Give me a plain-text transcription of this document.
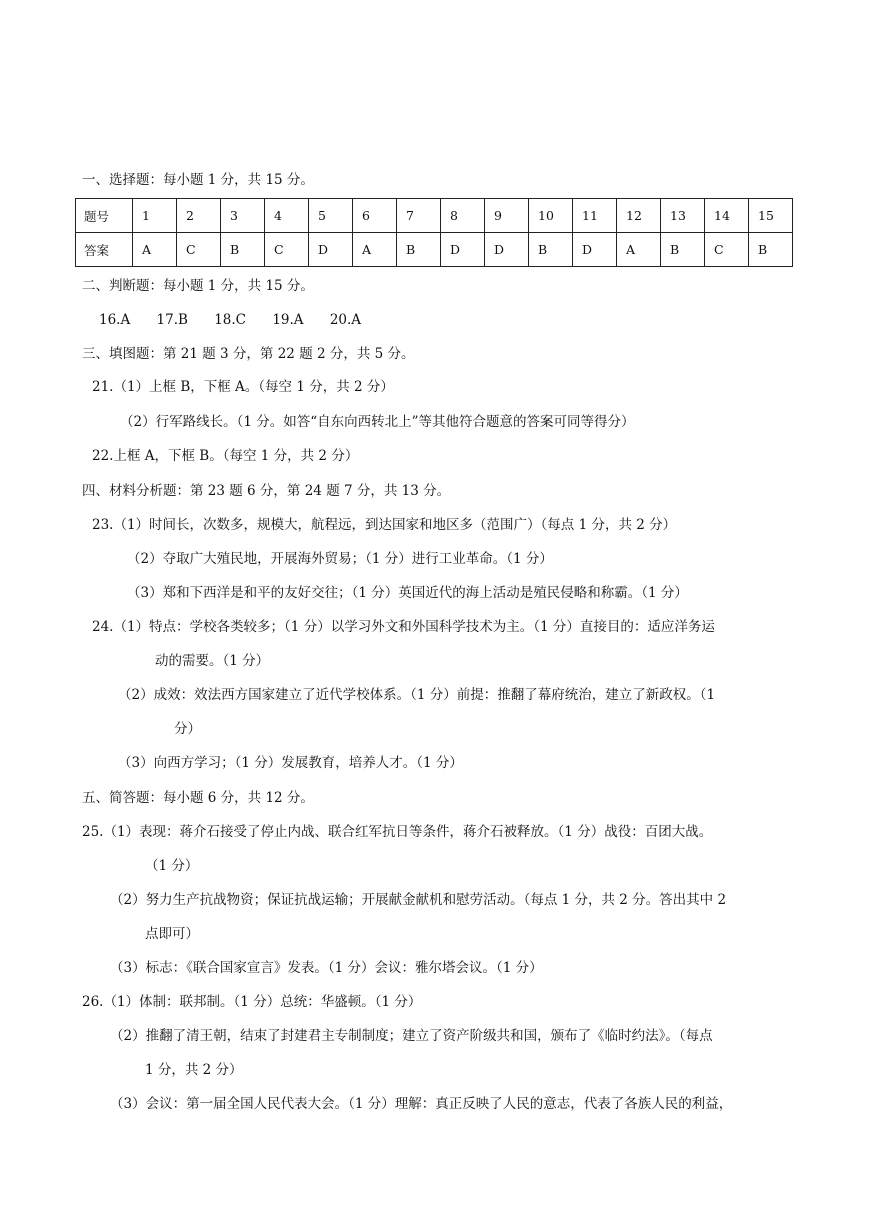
一、选择题：每小题 1 分，共 15 分。
题号	1	2	3	4	5	6	7	8	9	10	11	12	13	14	15
答案	A	C	B	C	D	A	B	D	D	B	D	A	B	C	B
二、判断题：每小题 1 分，共 15 分。
16.A 17.B 18.C 19.A 20.A
三、填图题：第 21 题 3 分，第 22 题 2 分，共 5 分。
21.（1）上框 B，下框 A。（每空 1 分，共 2 分）
（2）行军路线长。（1 分。如答“自东向西转北上”等其他符合题意的答案可同等得分）
22.上框 A，下框 B。（每空 1 分，共 2 分）
四、材料分析题：第 23 题 6 分，第 24 题 7 分，共 13 分。
23.（1）时间长，次数多，规模大，航程远，到达国家和地区多（范围广）（每点 1 分，共 2 分）
（2）夺取广大殖民地，开展海外贸易；（1 分）进行工业革命。（1 分）
（3）郑和下西洋是和平的友好交往；（1 分）英国近代的海上活动是殖民侵略和称霸。（1 分）
24.（1）特点：学校各类较多；（1 分）以学习外文和外国科学技术为主。（1 分）直接目的：适应洋务运
动的需要。（1 分）
（2）成效：效法西方国家建立了近代学校体系。（1 分）前提：推翻了幕府统治，建立了新政权。（1
分）
（3）向西方学习；（1 分）发展教育，培养人才。（1 分）
五、简答题：每小题 6 分，共 12 分。
25.（1）表现：蒋介石接受了停止内战、联合红军抗日等条件，蒋介石被释放。（1 分）战役：百团大战。
（1 分）
（2）努力生产抗战物资；保证抗战运输；开展献金献机和慰劳活动。（每点 1 分，共 2 分。答出其中 2
点即可）
（3）标志：《联合国家宣言》发表。（1 分）会议：雅尔塔会议。（1 分）
26.（1）体制：联邦制。（1 分）总统：华盛顿。（1 分）
（2）推翻了清王朝，结束了封建君主专制制度；建立了资产阶级共和国，颁布了《临时约法》。（每点
1 分，共 2 分）
（3）会议：第一届全国人民代表大会。（1 分）理解：真正反映了人民的意志，代表了各族人民的利益，
